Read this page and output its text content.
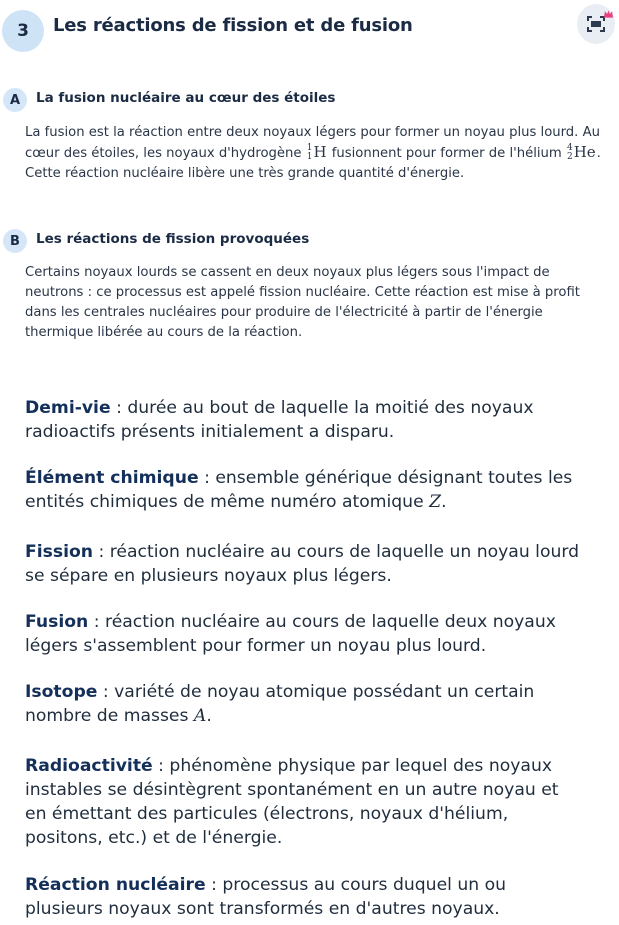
3	Les réactions de fission et de fusion
A	La fusion nucléaire au cœur des étoiles
La fusion est la réaction entre deux noyaux légers pour former un noyau plus lourd. Au cœur des étoiles, les noyaux d'hydrogène 1
1 H fusionnent pour former de l'hélium 4
2 He. Cette réaction nucléaire libère une très grande quantité d'énergie.
B	Les réactions de fission provoquées
Certains noyaux lourds se cassent en deux noyaux plus légers sous l'impact de neutrons : ce processus est appelé fission nucléaire. Cette réaction est mise à profit dans les centrales nucléaires pour produire de l'électricité à partir de l'énergie thermique libérée au cours de la réaction.
Demi-vie : durée au bout de laquelle la moitié des noyaux radioactifs présents initialement a disparu.
Élément chimique : ensemble générique désignant toutes les entités chimiques de même numéro atomique Z.
Fission : réaction nucléaire au cours de laquelle un noyau lourd se sépare en plusieurs noyaux plus légers.
Fusion : réaction nucléaire au cours de laquelle deux noyaux légers s'assemblent pour former un noyau plus lourd.
Isotope : variété de noyau atomique possédant un certain nombre de masses A.
Radioactivité : phénomène physique par lequel des noyaux instables se désintègrent spontanément en un autre noyau et en émettant des particules (électrons, noyaux d'hélium, positons, etc.) et de l'énergie.
Réaction nucléaire : processus au cours duquel un ou plusieurs noyaux sont transformés en d'autres noyaux.
